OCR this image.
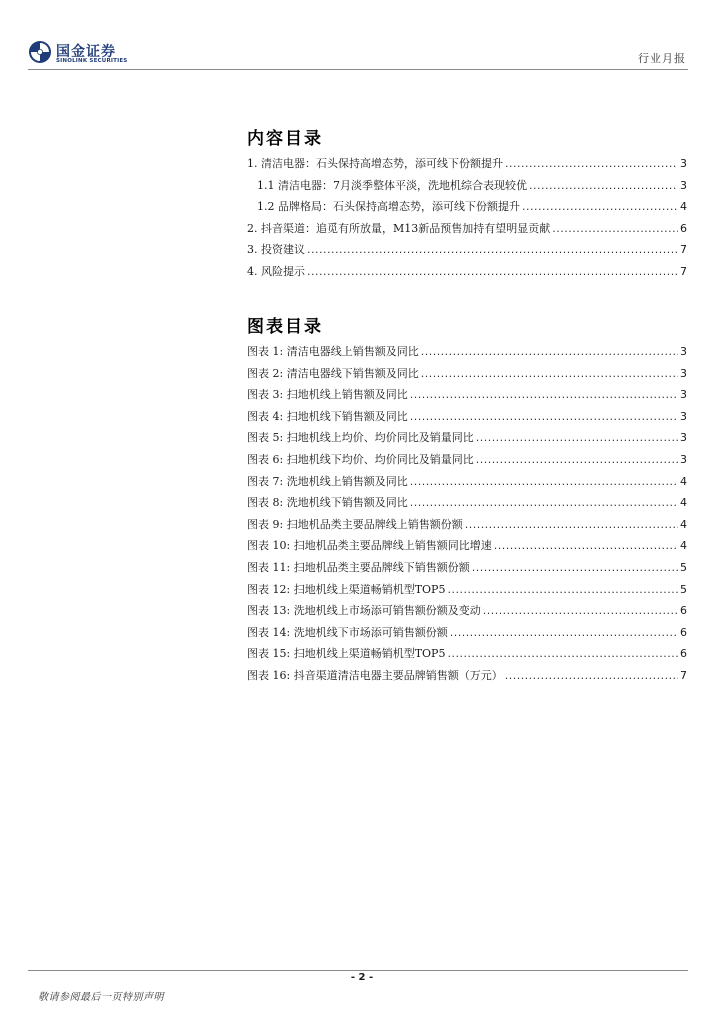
国金证券
SINOLINK SECURITIES	行业月报
内容目录
1. 清洁电器：石头保持高增态势，添可线下份额提升 .....	3
1.1 清洁电器：7月淡季整体平淡，洗地机综合表现较优 .....	3
1.2 品牌格局：石头保持高增态势，添可线下份额提升 .....	4
2. 抖音渠道：追觅有所放量，M13新品预售加持有望明显贡献 .....	6
3. 投资建议 .....	7
4. 风险提示 .....	7
图表目录
图表 1: 清洁电器线上销售额及同比 .....	3
图表 2: 清洁电器线下销售额及同比 .....	3
图表 3: 扫地机线上销售额及同比 .....	3
图表 4: 扫地机线下销售额及同比 .....	3
图表 5: 扫地机线上均价、均价同比及销量同比 .....	3
图表 6: 扫地机线下均价、均价同比及销量同比 .....	3
图表 7: 洗地机线上销售额及同比 .....	4
图表 8: 洗地机线下销售额及同比 .....	4
图表 9: 扫地机品类主要品牌线上销售额份额 .....	4
图表 10: 扫地机品类主要品牌线上销售额同比增速 .....	4
图表 11: 扫地机品类主要品牌线下销售额份额 .....	5
图表 12: 扫地机线上渠道畅销机型TOP5 .....	5
图表 13: 洗地机线上市场添可销售额份额及变动 .....	6
图表 14: 洗地机线下市场添可销售额份额 .....	6
图表 15: 扫地机线上渠道畅销机型TOP5 .....	6
图表 16: 抖音渠道清洁电器主要品牌销售额（万元） .....	7
- 2 -
敬请参阅最后一页特别声明
